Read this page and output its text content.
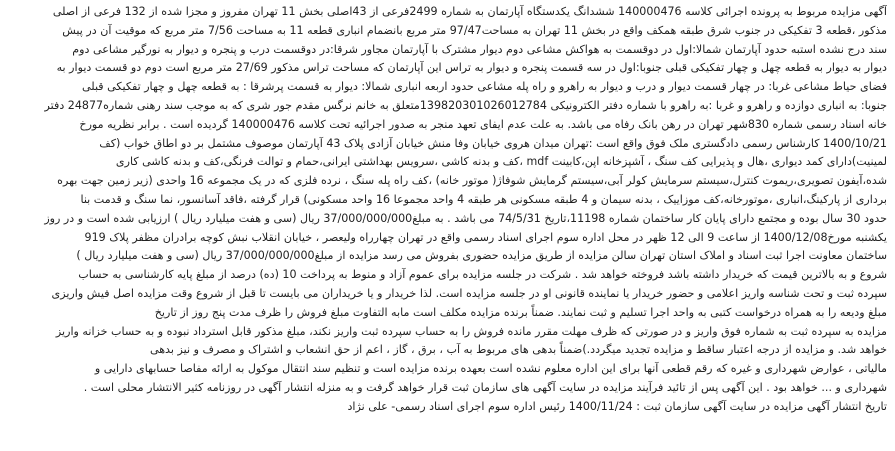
آگهی مزایده مربوط به پرونده اجرائی کلاسه 140000476 ششدانگ یکدستگاه آپارتمان به شماره 2499فرعی از 43اصلی بخش 11 تهران مفروز و مجزا شده از 132 فرعی از اصلی
مذکور ،قطعه 3 تفکیکی در جنوب شرق طبقه همکف واقع در بخش 11 تهران به مساحت97/47 متر مربع بانضمام انباری قطعه 11 به مساحت 7/56 متر مربع که موقیت آن در پیش
سند درج نشده استبه حدود آپارتمان شمالا:اول در دوقسمت به هواکش مشاعی دوم دیوار مشترک با آپارتمان مجاور شرقا:در دوقسمت درب و پنجره و دیوار به نورگیر مشاعی دوم
دیوار به دیوار به قطعه چهل و چهار تفکیکی قبلی جنوبا:اول در سه قسمت پنجره و دیوار به تراس این آپارتمان که مساحت تراس مذکور 27/69 متر مربع است دوم دو قسمت دیوار به
فضای حیاط مشاعی غربا: در چهار قسمت دیوار و درب و دیوار به راهرو و راه پله مشاعی حدود اربعه انباری شمالا: دیوار به قسمت پرشرقا : به قطعه چهل و چهار تفکیکی قبلی
جنوبا: به انباری دوازده و راهرو و غربا :به راهرو با شماره دفتر الکترونیکی 139820301026012784متعلق به خانم نرگس مقدم جور شری که به موجب سند رهنی شماره24877 دفتر
خانه اسناد رسمی شماره 830شهر تهران در رهن بانک رفاه می باشد. به علت عدم ایفای تعهد منجر به صدور اجرائیه تحت کلاسه 140000476 گردیده است . برابر نظریه مورخ
1400/10/21 کارشناس رسمی دادگستری ملک فوق واقع است :تهران میدان هروی خیابان وفا منش خیابان آزادی پلاک 43 آپارتمان موصوف مشتمل بر دو اطاق خواب (کف
لمینیت)دارای کمد دیواری ،هال و پذیرایی کف سنگ ، آشپزخانه اپن،کابینت mdf ،کف و بدنه کاشی ،سرویس بهداشتی ایرانی،حمام و توالت فرنگی،کف و بدنه کاشی کاری
شده،آیفون تصویری،ریموت کنترل،سیستم سرمایش کولر آبی،سیستم گرمایش شوفاژ( موتور خانه) ،کف راه پله سنگ ، نرده فلزی که در یک مجموعه 16 واحدی (زیر زمین جهت بهره
برداری از پارکینگ،انباری ،موتورخانه،کف موزاییک ، بدنه سیمان و 4 طبقه مسکونی هر طبقه 4 واحد مجموعا 16 واحد مسکونی) قرار گرفته ،فاقد آسانسور، نما سنگ و قدمت بنا
حدود 30 سال بوده و مجتمع دارای پایان کار ساختمان شماره 11198،تاریخ 74/5/31 می باشد . به مبلغ37/000/000/000 ریال (سی و هفت میلیارد ریال ) ارزیابی شده است و در روز
یکشنبه مورخ1400/12/08 از ساعت 9 الی 12 ظهر در محل اداره سوم اجرای اسناد رسمی واقع در تهران چهارراه ولیعصر ، خیابان انقلاب نبش کوچه برادران مظفر پلاک 919
ساختمان معاونت اجرا ثبت اسناد و املاک استان تهران سالن مزایده از طریق مزایده حضوری بفروش می رسد مزایده از مبلغ37/000/000/000 ریال (سی و هفت میلیارد ریال )
شروع و به بالاترین قیمت که خریدار داشته باشد فروخته خواهد شد . شرکت در جلسه مزایده برای عموم آزاد و منوط به پرداخت 10 (ده) درصد از مبلغ پایه کارشناسی به حساب
سپرده ثبت و تحت شناسه واریز اعلامی و حضور خریدار یا نماینده قانونی او در جلسه مزایده است. لذا خریدار و یا خریداران می بایست تا قبل از شروع وقت مزایده اصل فیش واریزی
مبلغ ودیعه را به همراه درخواست کتبی به واحد اجرا تسلیم و ثبت نمایند. ضمناً برنده مزایده مکلف است مابه التفاوت مبلغ فروش را ظرف مدت پنج روز از تاریخ
مزایده به سپرده ثبت به شماره فوق واریز و در صورتی که ظرف مهلت مقرر مانده فروش را به حساب سپرده ثبت واریز نکند، مبلغ مذکور قابل استرداد نبوده و به حساب خزانه واریز
خواهد شد. و مزایده از درجه اعتبار ساقط و مزایده تجدید میگردد.)ضمناً بدهی های مربوط به آب ، برق ، گاز ، اعم از حق انشعاب و اشتراک و مصرف و نیز بدهی
مالیاتی ، عوارض شهرداری و غیره که رقم قطعی آنها برای این اداره معلوم نشده است بعهده برنده مزایده است و تنظیم سند انتقال موکول به ارائه مفاصا حسابهای دارایی و
شهرداری و ... خواهد بود . این آگهی پس از تائید فرآیند مزایده در سایت آگهی های سازمان ثبت قرار خواهد گرفت و به منزله انتشار آگهی در روزنامه کثیر الانتشار محلی است .
تاریخ انتشار آگهی مزایده در سایت آگهی سازمان ثبت : 1400/11/24 رئیس اداره سوم اجرای اسناد رسمی- علی نژاد
